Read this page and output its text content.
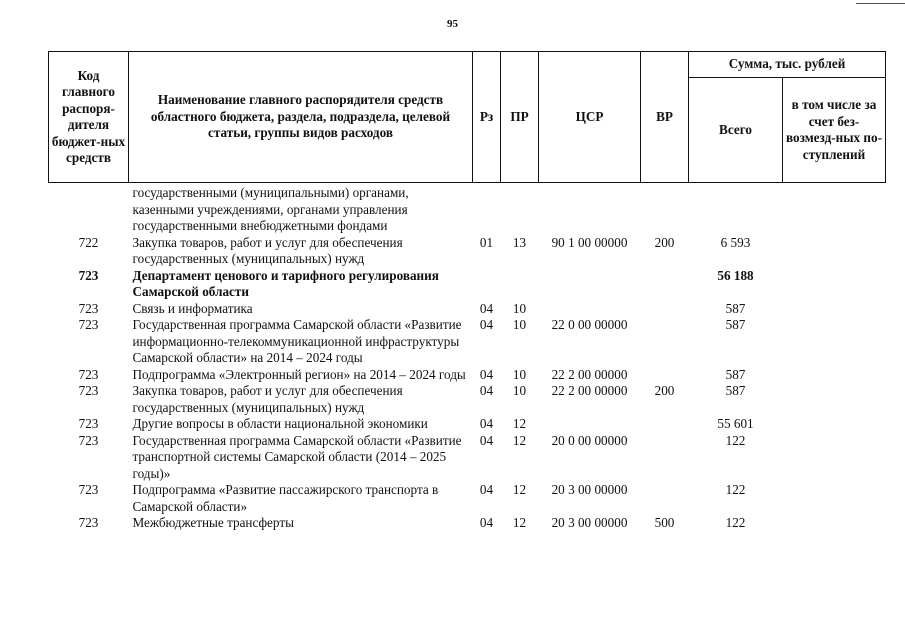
95
Код главного распоря-дителя бюджет-ных средств	Наименование главного распорядителя средств областного бюджета, раздела, подраздела, целевой статьи, группы видов расходов	Рз	ПР	ЦСР	ВР	Сумма, тыс. рублей	
						Всего	в том числе за счет без-возмезд-ных по-ступлений
	государственными (муниципальными) органами, казенными учреждениями, органами управления государственными внебюджетными фондами						
722	Закупка товаров, работ и услуг для обеспечения государственных (муниципальных) нужд	01	13	90 1 00 00000	200	6 593	
723	Департамент ценового и тарифного регулирования Самарской области					56 188	
723	Связь и информатика	04	10			587	
723	Государственная программа Самарской области «Развитие информационно-телекоммуникационной инфраструктуры Самарской области» на 2014 – 2024 годы	04	10	22 0 00 00000		587	
723	Подпрограмма «Электронный регион» на 2014 – 2024 годы	04	10	22 2 00 00000		587	
723	Закупка товаров, работ и услуг для обеспечения государственных (муниципальных) нужд	04	10	22 2 00 00000	200	587	
723	Другие вопросы в области национальной экономики	04	12			55 601	
723	Государственная программа Самарской области «Развитие транспортной системы Самарской области (2014 – 2025 годы)»	04	12	20 0 00 00000		122	
723	Подпрограмма «Развитие пассажирского транспорта в Самарской области»	04	12	20 3 00 00000		122	
723	Межбюджетные трансферты	04	12	20 3 00 00000	500	122	
